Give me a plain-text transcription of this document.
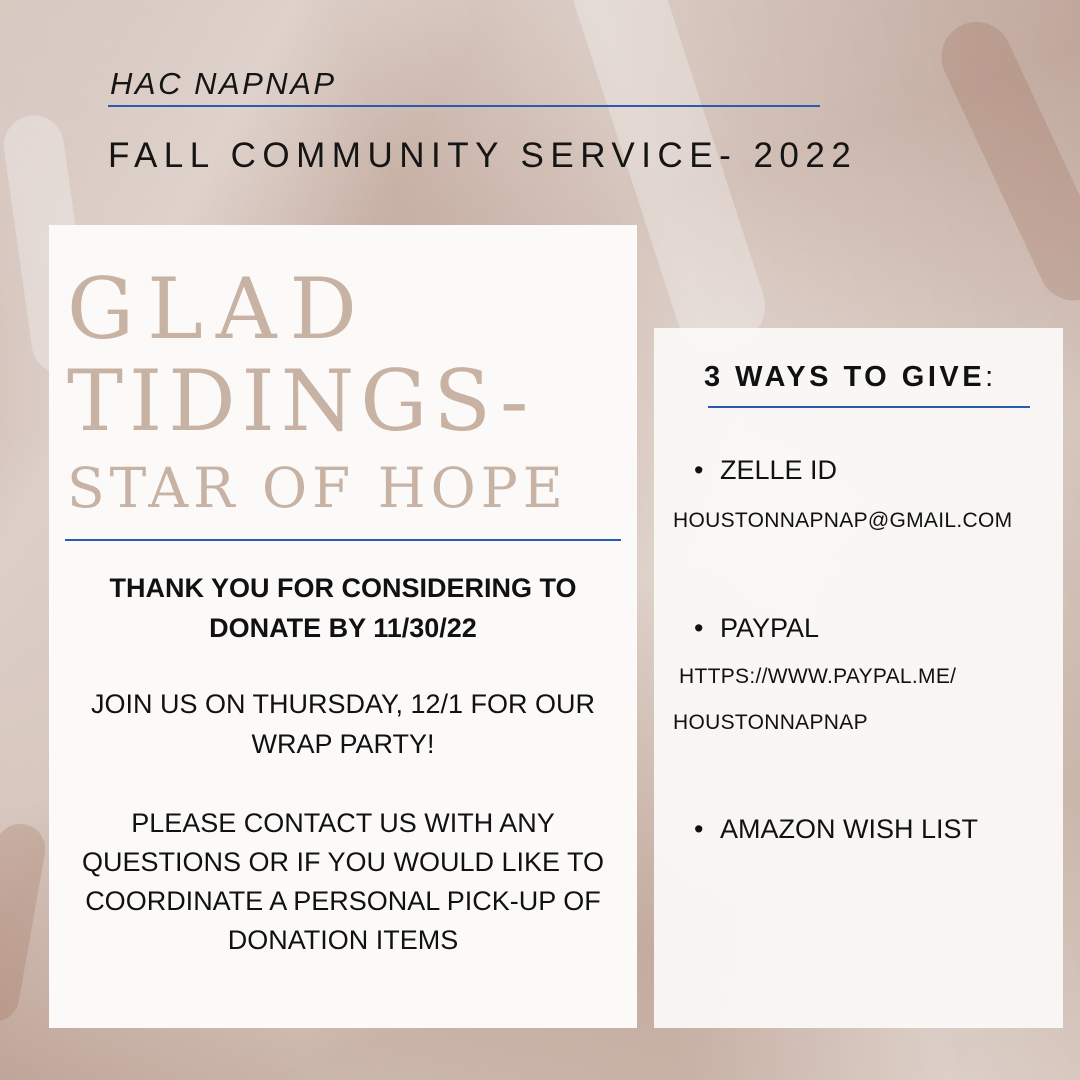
HAC NAPNAP
FALL COMMUNITY SERVICE- 2022
GLAD
TIDINGS-
STAR OF HOPE

THANK YOU FOR CONSIDERING TO
DONATE BY 11/30/22

JOIN US ON THURSDAY, 12/1 FOR OUR
WRAP PARTY!

PLEASE CONTACT US WITH ANY
QUESTIONS OR IF YOU WOULD LIKE TO
COORDINATE A PERSONAL PICK-UP OF
DONATION ITEMS

3 WAYS TO GIVE:
• ZELLE ID
HOUSTONNAPNAP@GMAIL.COM
• PAYPAL
HTTPS://WWW.PAYPAL.ME/
HOUSTONNAPNAP
• AMAZON WISH LIST
